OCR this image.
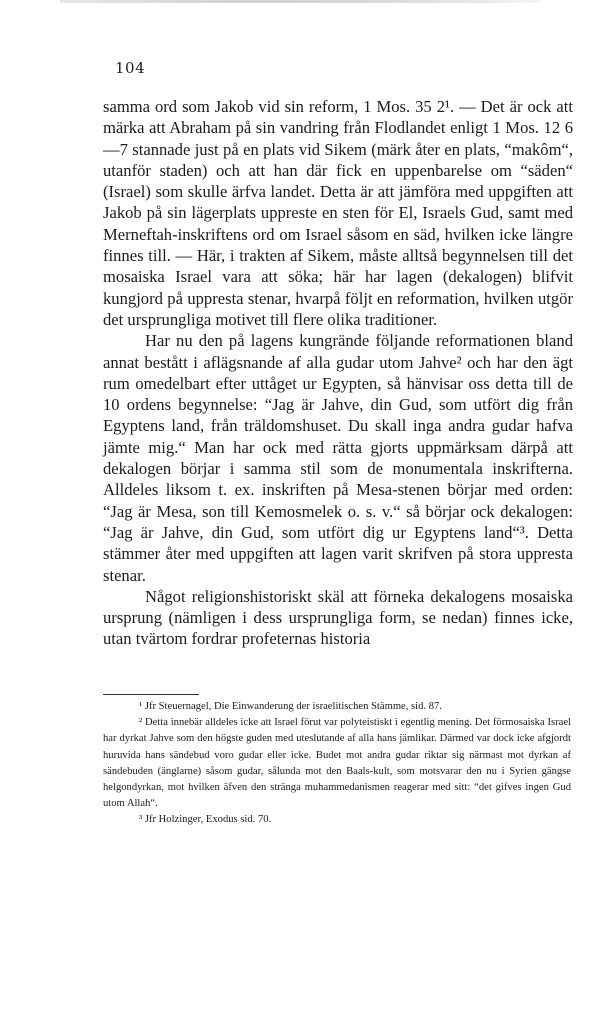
104

samma ord som Jakob vid sin reform, 1 Mos. 35 2¹. — Det är ock att märka att Abraham på sin vandring från Flodlandet enligt 1 Mos. 12 6—7 stannade just på en plats vid Sikem (märk åter en plats, “makôm“, utanför staden) och att han där fick en uppenbarelse om “säden“ (Israel) som skulle ärfva landet. Detta är att jämföra med uppgiften att Jakob på sin lägerplats uppreste en sten för El, Israels Gud, samt med Merneftah-inskriftens ord om Israel såsom en säd, hvilken icke längre finnes till. — Här, i trakten af Sikem, måste alltså begynnelsen till det mosaiska Israel vara att söka; här har lagen (dekalogen) blifvit kungjord på uppresta stenar, hvarpå följt en reformation, hvilken utgör det ursprungliga motivet till flere olika traditioner.

Har nu den på lagens kungrände följande reformationen bland annat bestått i aflägsnande af alla gudar utom Jahve² och har den ägt rum omedelbart efter uttåget ur Egypten, så hänvisar oss detta till de 10 ordens begynnelse: “Jag är Jahve, din Gud, som utfört dig från Egyptens land, från träldomshuset. Du skall inga andra gudar hafva jämte mig.“ Man har ock med rätta gjorts uppmärksam därpå att dekalogen börjar i samma stil som de monumentala inskrifterna. Alldeles liksom t. ex. inskriften på Mesa-stenen börjar med orden: “Jag är Mesa, son till Kemosmelek o. s. v.“ så börjar ock dekalogen: “Jag är Jahve, din Gud, som utfört dig ur Egyptens land“³. Detta stämmer åter med uppgiften att lagen varit skrifven på stora uppresta stenar.

Något religionshistoriskt skäl att förneka dekalogens mosaiska ursprung (nämligen i dess ursprungliga form, se nedan) finnes icke, utan tvärtom fordrar profeternas historia

¹ Jfr Steuernagel, Die Einwanderung der israelitischen Stämme, sid. 87.

² Detta innebär alldeles icke att Israel förut var polyteistiskt i egentlig mening. Det förmosaiska Israel har dyrkat Jahve som den högste guden med uteslutande af alla hans jämlikar. Därmed var dock icke afgjordt huruvida hans sändebud voro gudar eller icke. Budet mot andra gudar riktar sig närmast mot dyrkan af sändebuden (änglarne) såsom gudar, sålunda mot den Baals-kult, som motsvarar den nu i Syrien gängse helgondyrkan, mot hvilken äfven den stränga muhammedanismen reagerar med sitt: “det gifves ingen Gud utom Allah“.

³ Jfr Holzinger, Exodus sid. 70.
